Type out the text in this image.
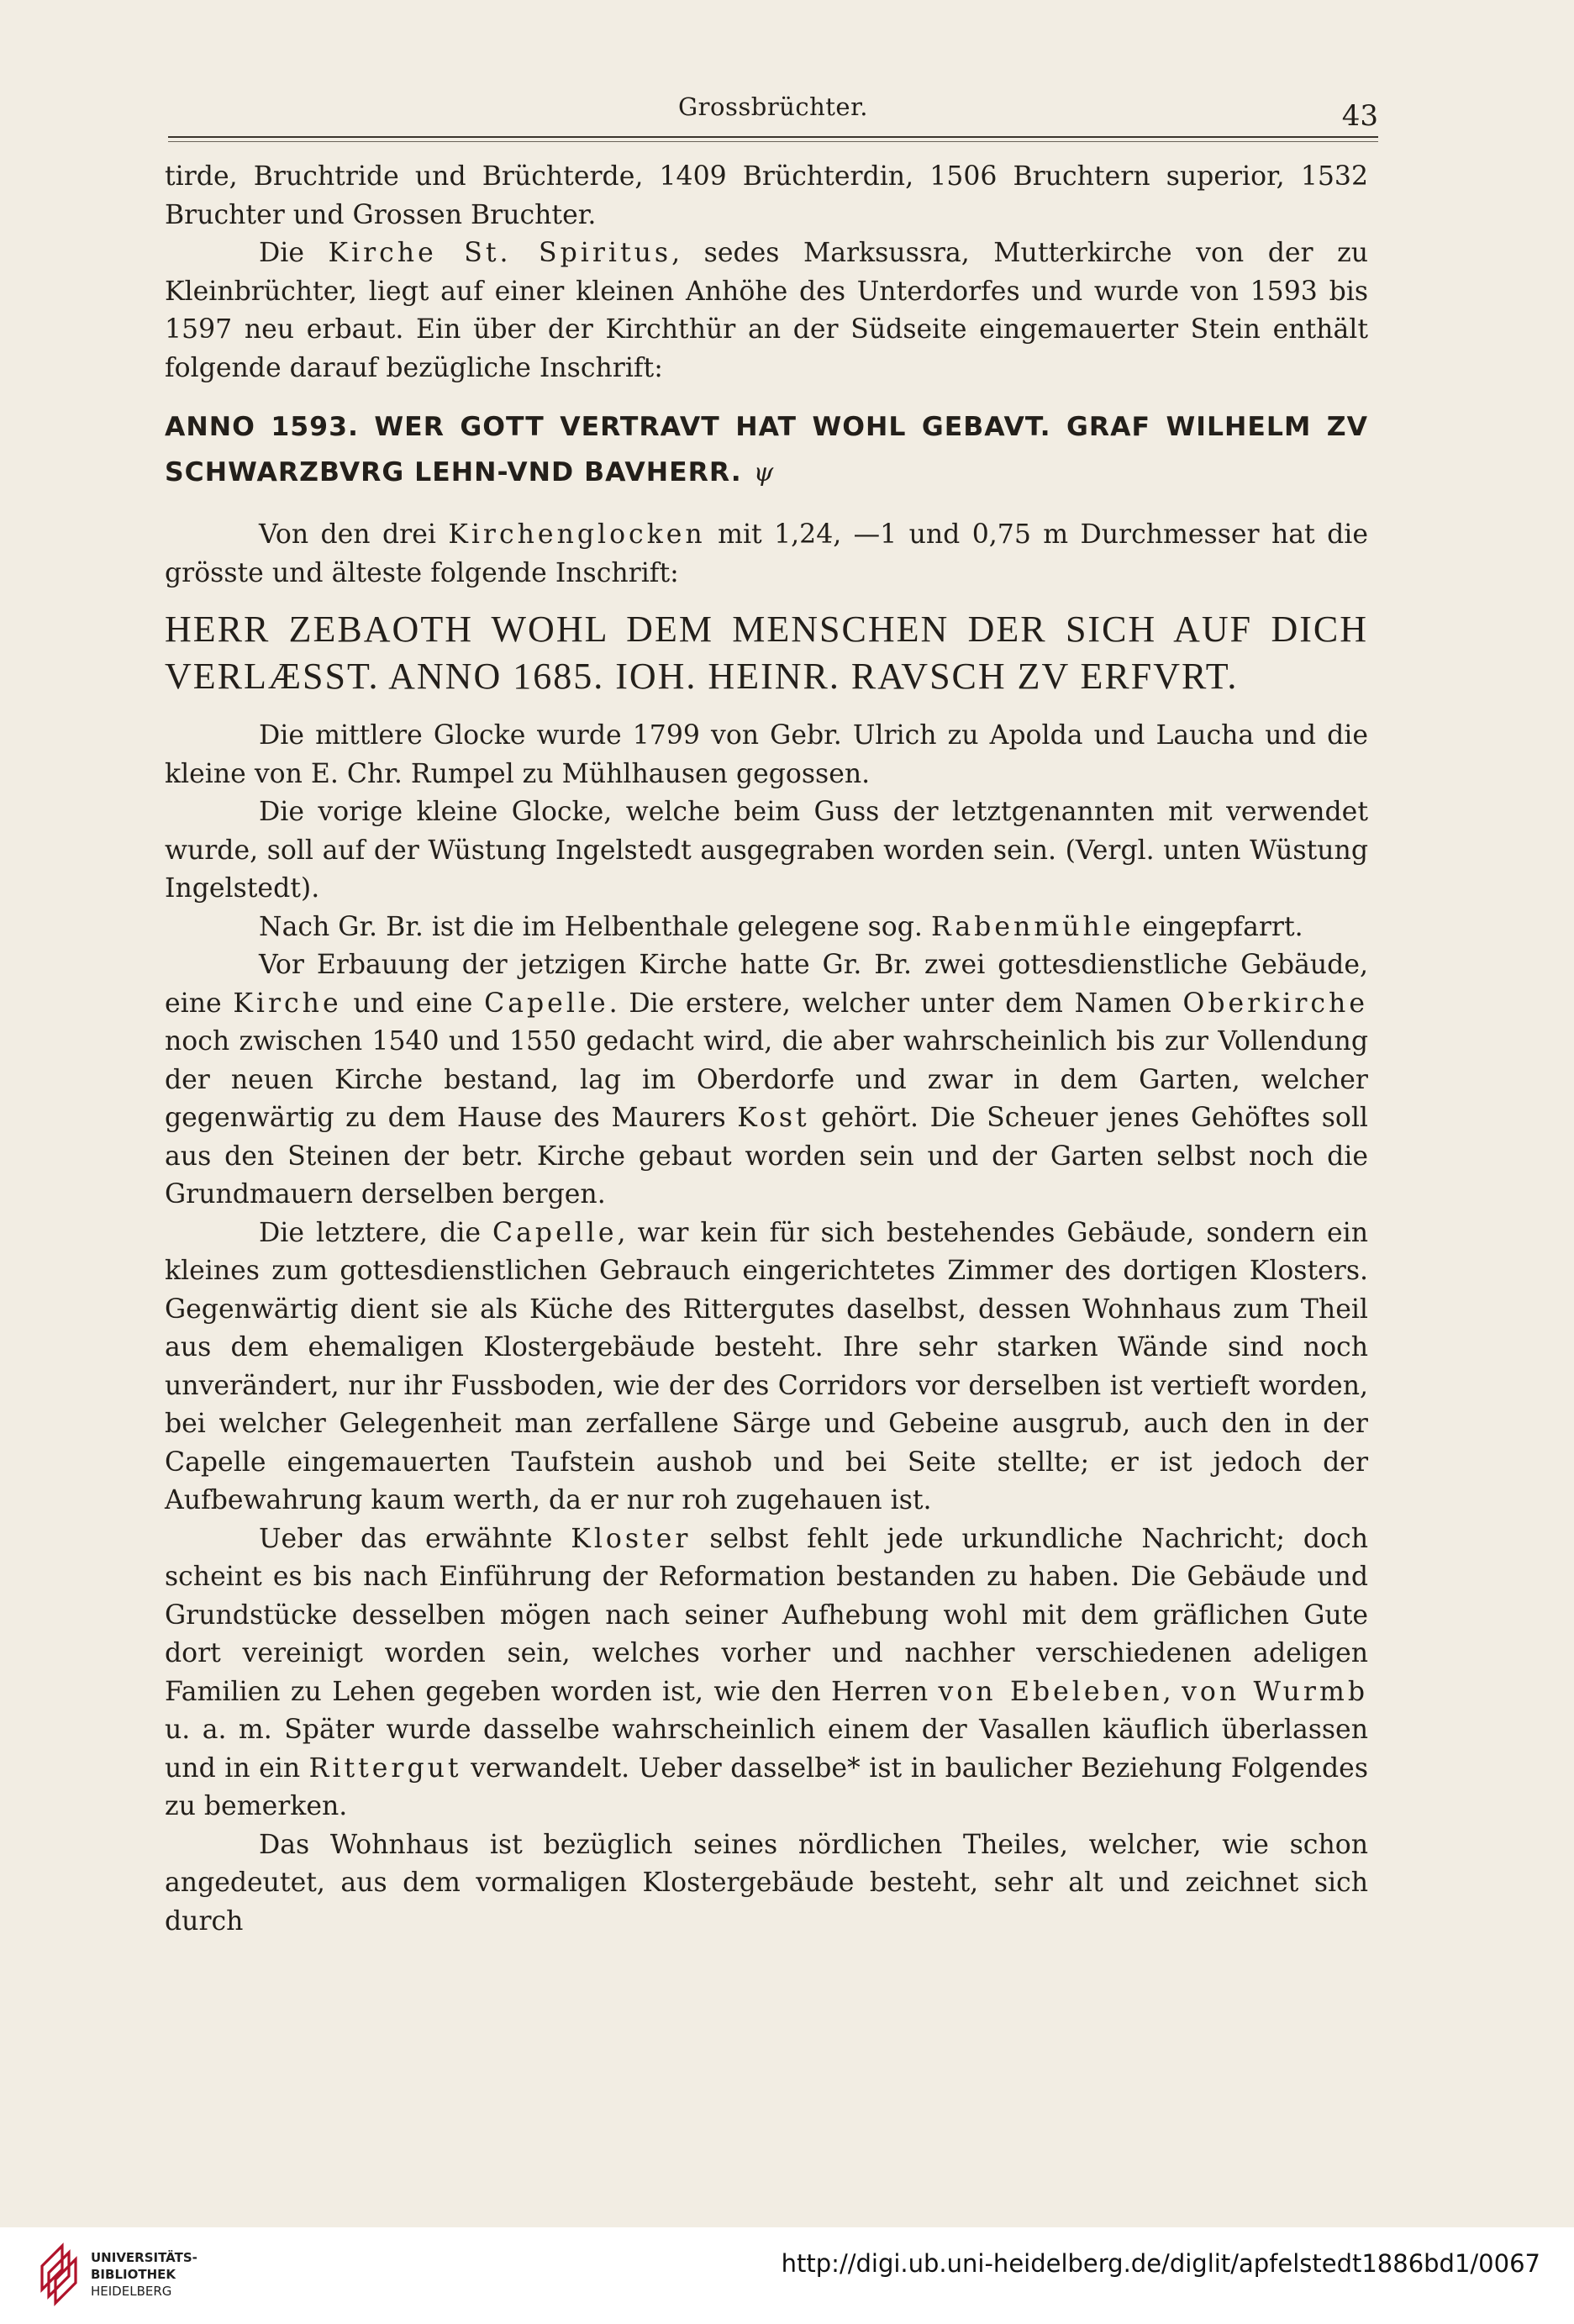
Grossbrüchter.	43

tirde, Bruchtride und Brüchterde, 1409 Brüchterdin, 1506 Bruchtern superior, 1532 Bruchter und Grossen Bruchter.

Die Kirche St. Spiritus, sedes Marksussra, Mutterkirche von der zu Kleinbrüchter, liegt auf einer kleinen Anhöhe des Unterdorfes und wurde von 1593 bis 1597 neu erbaut. Ein über der Kirchthür an der Südseite eingemauerter Stein enthält folgende darauf bezügliche Inschrift:

ANNO 1593. WER GOTT VERTRAVT HAT WOHL GEBAVT. GRAF WILHELM ZV SCHWARZBVRG LEHN-VND BAVHERR. ψ

Von den drei Kirchenglocken mit 1,24, —1 und 0,75 m Durchmesser hat die grösste und älteste folgende Inschrift:

HERR ZEBAOTH WOHL DEM MENSCHEN DER SICH AUF DICH VERLÆSST. ANNO 1685. IOH. HEINR. RAVSCH ZV ERFVRT.

Die mittlere Glocke wurde 1799 von Gebr. Ulrich zu Apolda und Laucha und die kleine von E. Chr. Rumpel zu Mühlhausen gegossen.

Die vorige kleine Glocke, welche beim Guss der letztgenannten mit verwendet wurde, soll auf der Wüstung Ingelstedt ausgegraben worden sein. (Vergl. unten Wüstung Ingelstedt).

Nach Gr. Br. ist die im Helbenthale gelegene sog. Rabenmühle eingepfarrt.

Vor Erbauung der jetzigen Kirche hatte Gr. Br. zwei gottesdienstliche Gebäude, eine Kirche und eine Capelle. Die erstere, welcher unter dem Namen Oberkirche noch zwischen 1540 und 1550 gedacht wird, die aber wahrscheinlich bis zur Vollendung der neuen Kirche bestand, lag im Oberdorfe und zwar in dem Garten, welcher gegenwärtig zu dem Hause des Maurers Kost gehört. Die Scheuer jenes Gehöftes soll aus den Steinen der betr. Kirche gebaut worden sein und der Garten selbst noch die Grundmauern derselben bergen.

Die letztere, die Capelle, war kein für sich bestehendes Gebäude, sondern ein kleines zum gottesdienstlichen Gebrauch eingerichtetes Zimmer des dortigen Klosters. Gegenwärtig dient sie als Küche des Rittergutes daselbst, dessen Wohnhaus zum Theil aus dem ehemaligen Klostergebäude besteht. Ihre sehr starken Wände sind noch unverändert, nur ihr Fussboden, wie der des Corridors vor derselben ist vertieft worden, bei welcher Gelegenheit man zerfallene Särge und Gebeine ausgrub, auch den in der Capelle eingemauerten Taufstein aushob und bei Seite stellte; er ist jedoch der Aufbewahrung kaum werth, da er nur roh zugehauen ist.

Ueber das erwähnte Kloster selbst fehlt jede urkundliche Nachricht; doch scheint es bis nach Einführung der Reformation bestanden zu haben. Die Gebäude und Grundstücke desselben mögen nach seiner Aufhebung wohl mit dem gräflichen Gute dort vereinigt worden sein, welches vorher und nachher verschiedenen adeligen Familien zu Lehen gegeben worden ist, wie den Herren von Ebeleben, von Wurmb u. a. m. Später wurde dasselbe wahrscheinlich einem der Vasallen käuflich überlassen und in ein Rittergut verwandelt. Ueber dasselbe* ist in baulicher Beziehung Folgendes zu bemerken.

Das Wohnhaus ist bezüglich seines nördlichen Theiles, welcher, wie schon angedeutet, aus dem vormaligen Klostergebäude besteht, sehr alt und zeichnet sich durch

UNIVERSITÄTS-
BIBLIOTHEK
HEIDELBERG
http://digi.ub.uni-heidelberg.de/diglit/apfelstedt1886bd1/0067
